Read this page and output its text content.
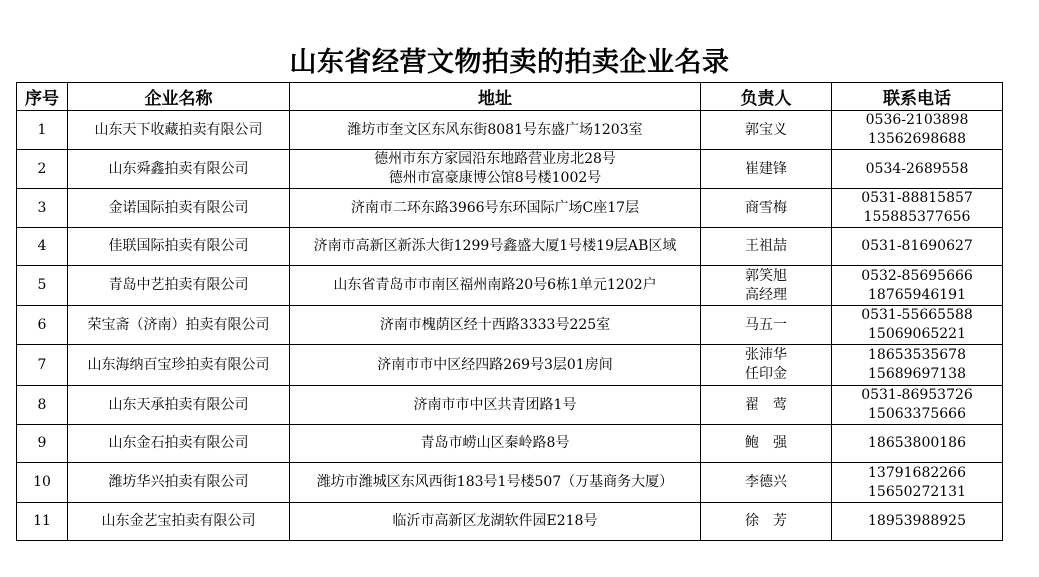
山东省经营文物拍卖的拍卖企业名录
序号	企业名称	地址	负责人	联系电话
1	山东天下收藏拍卖有限公司	潍坊市奎文区东风东街8081号东盛广场1203室	郭宝义	0536-2103898
13562698688
2	山东舜鑫拍卖有限公司	德州市东方家园沿东地路营业房北28号
德州市富豪康博公馆8号楼1002号	崔建锋	0534-2689558
3	金诺国际拍卖有限公司	济南市二环东路3966号东环国际广场C座17层	商雪梅	0531-88815857
155885377656
4	佳联国际拍卖有限公司	济南市高新区新泺大街1299号鑫盛大厦1号楼19层AB区域	王祖喆	0531-81690627
5	青岛中艺拍卖有限公司	山东省青岛市市南区福州南路20号6栋1单元1202户	郭笑旭
高经理	0532-85695666
18765946191
6	荣宝斋（济南）拍卖有限公司	济南市槐荫区经十西路3333号225室	马五一	0531-55665588
15069065221
7	山东海纳百宝珍拍卖有限公司	济南市市中区经四路269号3层01房间	张沛华
任印金	18653535678
15689697138
8	山东天承拍卖有限公司	济南市市中区共青团路1号	翟　莺	0531-86953726
15063375666
9	山东金石拍卖有限公司	青岛市崂山区秦岭路8号	鲍　强	18653800186
10	潍坊华兴拍卖有限公司	潍坊市潍城区东风西街183号1号楼507（万基商务大厦）	李德兴	13791682266
15650272131
11	山东金艺宝拍卖有限公司	临沂市高新区龙湖软件园E218号	徐　芳	18953988925
